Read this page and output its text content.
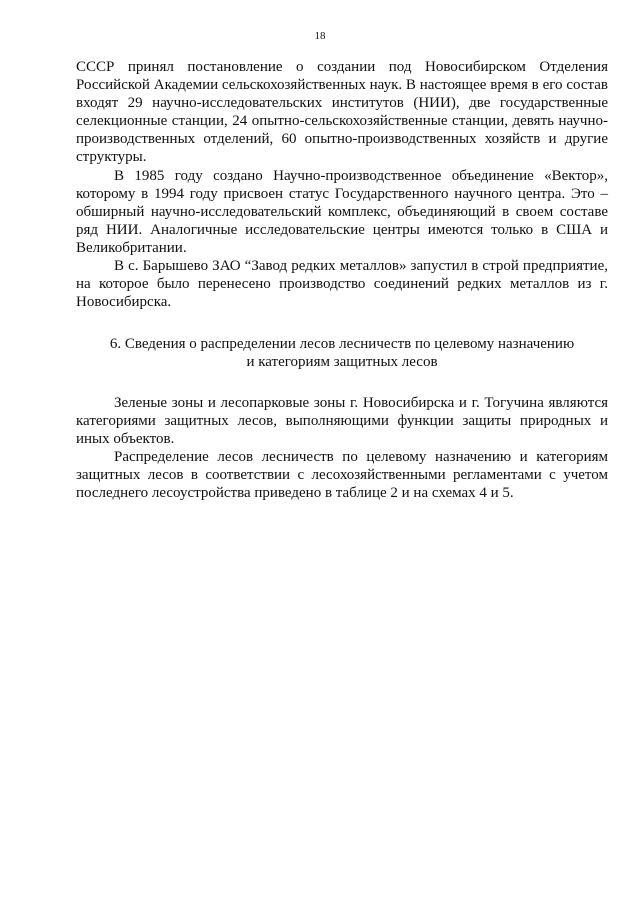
18

СССР принял постановление о создании под Новосибирском Отделения Российской Академии сельскохозяйственных наук. В настоящее время в его состав входят 29 научно-исследовательских институтов (НИИ), две государственные селекционные станции, 24 опытно-сельскохозяйственные станции, девять научно-производственных отделений, 60 опытно-производственных хозяйств и другие структуры.

В 1985 году создано Научно-производственное объединение «Вектор», которому в 1994 году присвоен статус Государственного научного центра. Это – обширный научно-исследовательский комплекс, объединяющий в своем составе ряд НИИ. Аналогичные исследовательские центры имеются только в США и Великобритании.

В с. Барышево ЗАО “Завод редких металлов» запустил в строй предприятие, на которое было перенесено производство соединений редких металлов из г. Новосибирска.

6. Сведения о распределении лесов лесничеств по целевому назначению
и категориям защитных лесов

Зеленые зоны и лесопарковые зоны г. Новосибирска и г. Тогучина являются категориями защитных лесов, выполняющими функции защиты природных и иных объектов.

Распределение лесов лесничеств по целевому назначению и категориям защитных лесов в соответствии с лесохозяйственными регламентами с учетом последнего лесоустройства приведено в таблице 2 и на схемах 4 и 5.
